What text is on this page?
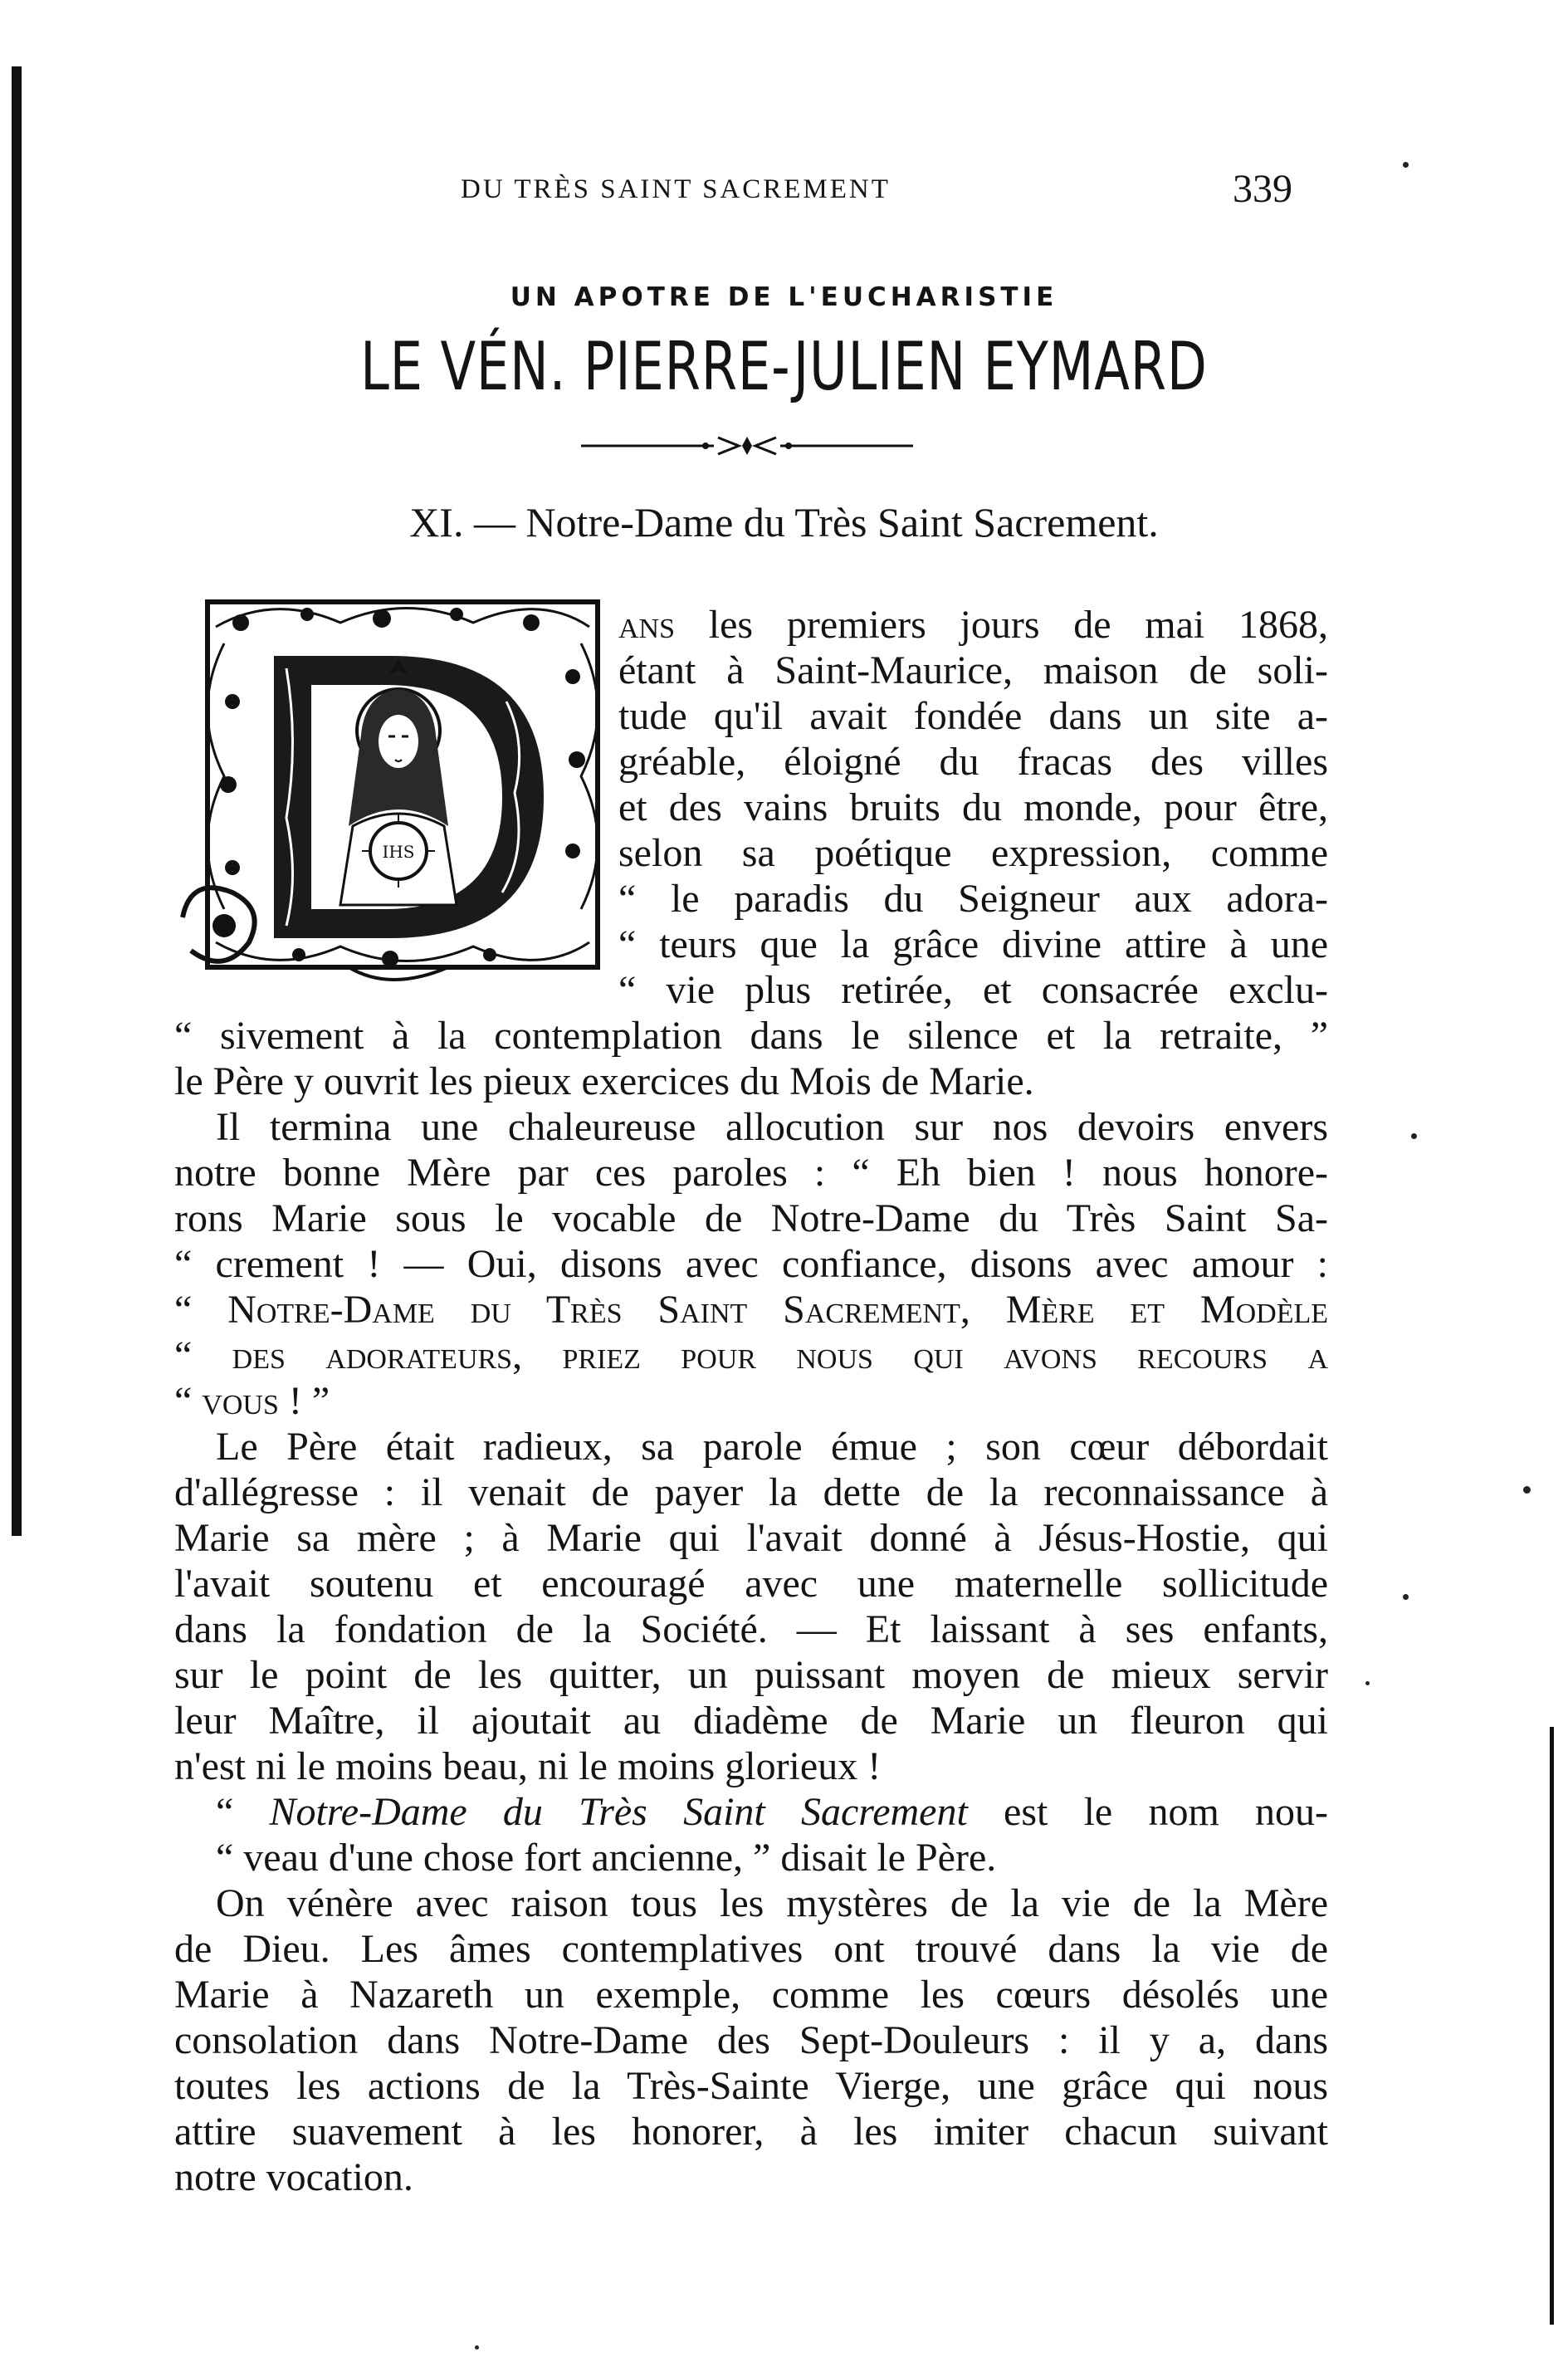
DU TRÈS SAINT SACREMENT	339
UN APOTRE DE L'EUCHARISTIE
LE VÉN. PIERRE-JULIEN EYMARD
XI. — Notre-Dame du Très Saint Sacrement.
IHS
ans les premiers jours de mai 1868,
étant à Saint-Maurice, maison de soli-
tude qu'il avait fondée dans un site a-
gréable, éloigné du fracas des villes
et des vains bruits du monde, pour être,
selon sa poétique expression, comme
“ le paradis du Seigneur aux adora-
“ teurs que la grâce divine attire à une
“ vie plus retirée, et consacrée exclu-
“ sivement à la contemplation dans le silence et la retraite, ”
le Père y ouvrit les pieux exercices du Mois de Marie.
Il termina une chaleureuse allocution sur nos devoirs envers
notre bonne Mère par ces paroles : “ Eh bien ! nous honore-
rons Marie sous le vocable de Notre-Dame du Très Saint Sa-
“ crement ! — Oui, disons avec confiance, disons avec amour :
“ Notre-Dame du Très Saint Sacrement, Mère et Modèle
“ des adorateurs, priez pour nous qui avons recours a
“ vous ! ”
Le Père était radieux, sa parole émue ; son cœur débordait
d'allégresse : il venait de payer la dette de la reconnaissance à
Marie sa mère ; à Marie qui l'avait donné à Jésus-Hostie, qui
l'avait soutenu et encouragé avec une maternelle sollicitude
dans la fondation de la Société. — Et laissant à ses enfants,
sur le point de les quitter, un puissant moyen de mieux servir
leur Maître, il ajoutait au diadème de Marie un fleuron qui
n'est ni le moins beau, ni le moins glorieux !
“ Notre-Dame du Très Saint Sacrement est le nom nou-
“ veau d'une chose fort ancienne, ” disait le Père.
On vénère avec raison tous les mystères de la vie de la Mère
de Dieu. Les âmes contemplatives ont trouvé dans la vie de
Marie à Nazareth un exemple, comme les cœurs désolés une
consolation dans Notre-Dame des Sept-Douleurs : il y a, dans
toutes les actions de la Très-Sainte Vierge, une grâce qui nous
attire suavement à les honorer, à les imiter chacun suivant
notre vocation.
